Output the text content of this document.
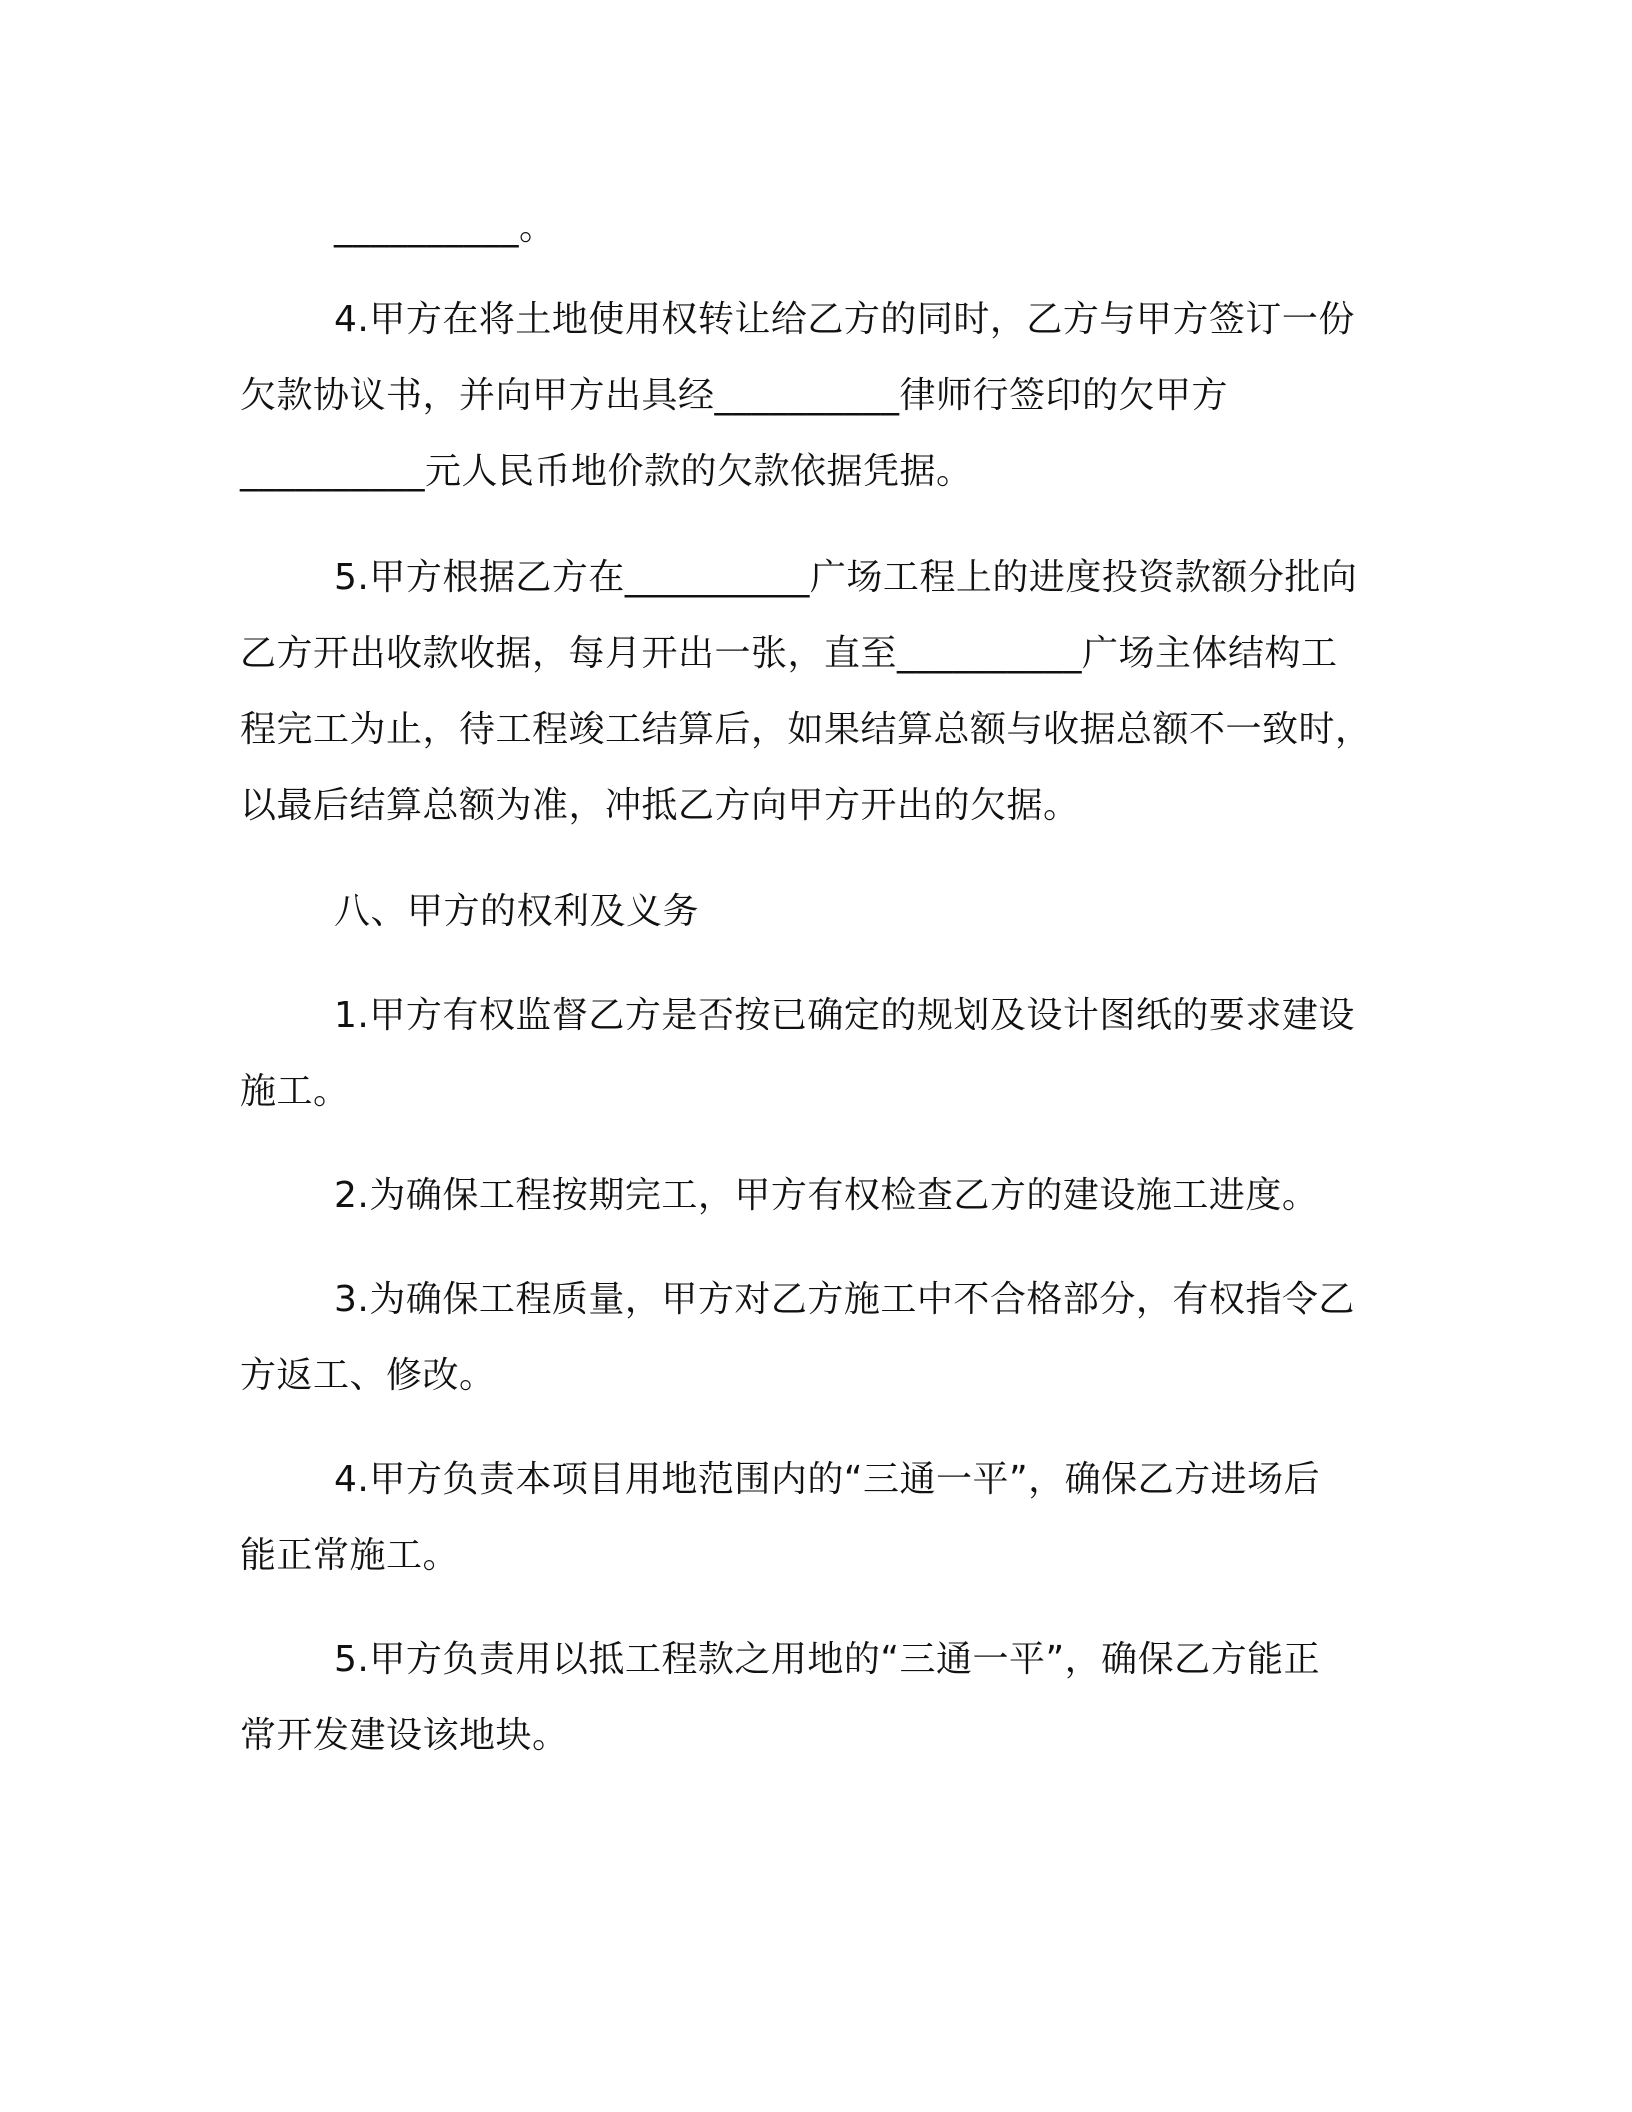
__________。
4.甲方在将土地使用权转让给乙方的同时，乙方与甲方签订一份
欠款协议书，并向甲方出具经__________律师行签印的欠甲方
__________元人民币地价款的欠款依据凭据。
5.甲方根据乙方在__________广场工程上的进度投资款额分批向
乙方开出收款收据，每月开出一张，直至__________广场主体结构工
程完工为止，待工程竣工结算后，如果结算总额与收据总额不一致时，
以最后结算总额为准，冲抵乙方向甲方开出的欠据。
八、甲方的权利及义务
1.甲方有权监督乙方是否按已确定的规划及设计图纸的要求建设
施工。
2.为确保工程按期完工，甲方有权检查乙方的建设施工进度。
3.为确保工程质量，甲方对乙方施工中不合格部分，有权指令乙
方返工、修改。
4.甲方负责本项目用地范围内的“三通一平”，确保乙方进场后
能正常施工。
5.甲方负责用以抵工程款之用地的“三通一平”，确保乙方能正
常开发建设该地块。
